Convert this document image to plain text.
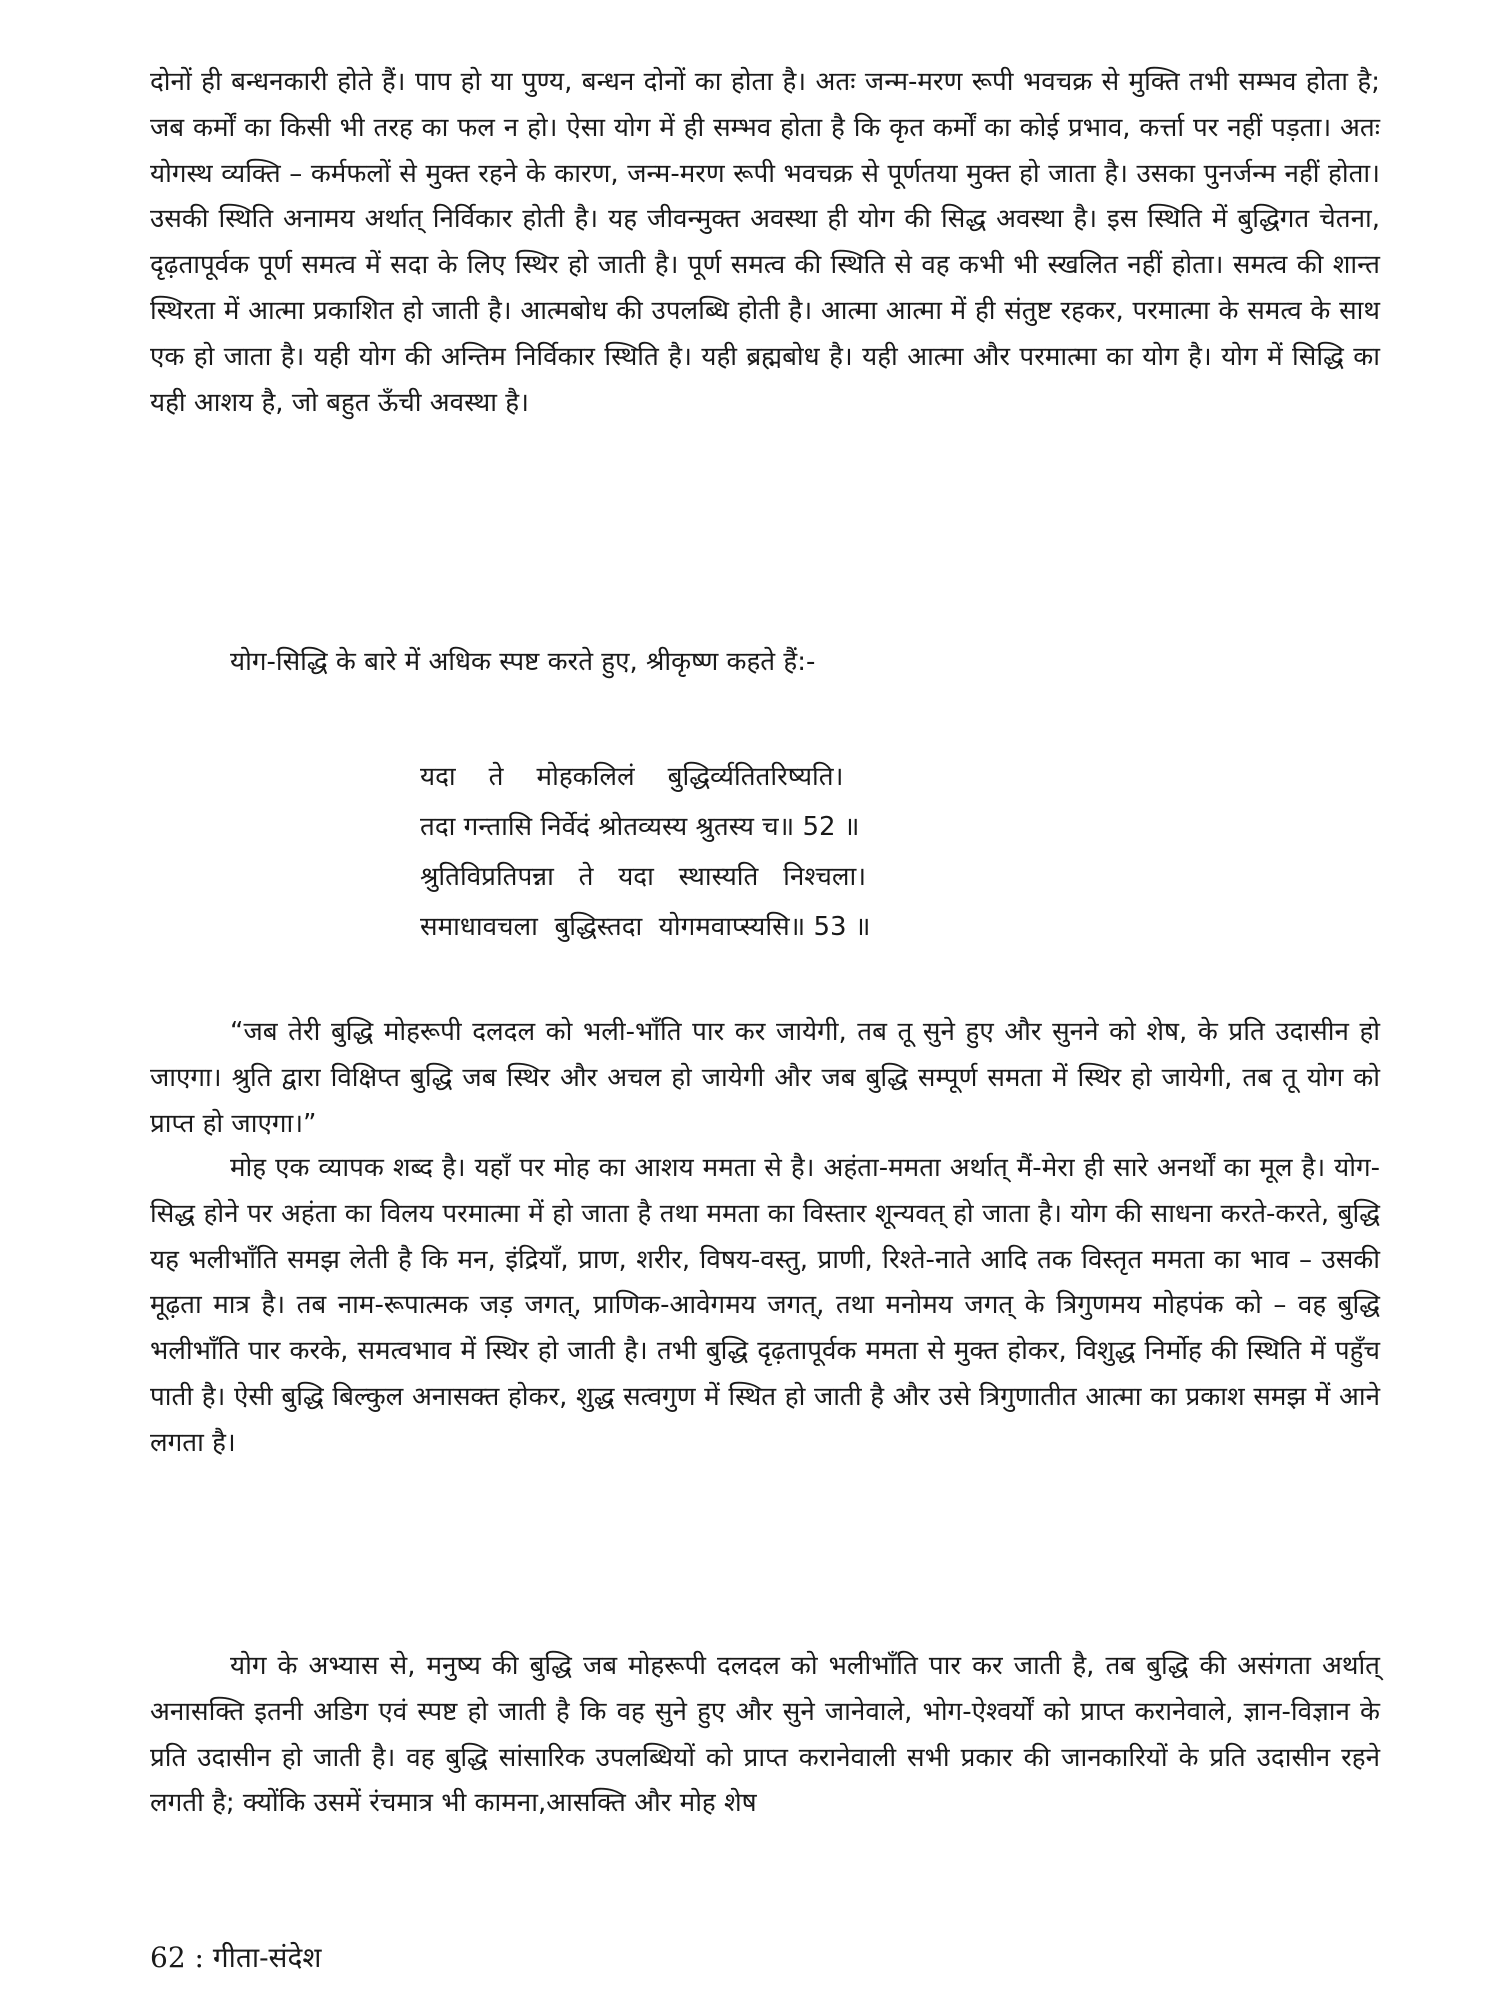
दोनों ही बन्धनकारी होते हैं। पाप हो या पुण्य, बन्धन दोनों का होता है। अतः जन्म-मरण रूपी भवचक्र से मुक्ति तभी सम्भव होता है; जब कर्मों का किसी भी तरह का फल न हो। ऐसा योग में ही सम्भव होता है कि कृत कर्मों का कोई प्रभाव, कर्त्ता पर नहीं पड़ता। अतः योगस्थ व्यक्ति – कर्मफलों से मुक्त रहने के कारण, जन्म-मरण रूपी भवचक्र से पूर्णतया मुक्त हो जाता है। उसका पुनर्जन्म नहीं होता। उसकी स्थिति अनामय अर्थात् निर्विकार होती है। यह जीवन्मुक्त अवस्था ही योग की सिद्ध अवस्था है। इस स्थिति में बुद्धिगत चेतना, दृढ़तापूर्वक पूर्ण समत्व में सदा के लिए स्थिर हो जाती है। पूर्ण समत्व की स्थिति से वह कभी भी स्खलित नहीं होता। समत्व की शान्त स्थिरता में आत्मा प्रकाशित हो जाती है। आत्मबोध की उपलब्धि होती है। आत्मा आत्मा में ही संतुष्ट रहकर, परमात्मा के समत्व के साथ एक हो जाता है। यही योग की अन्तिम निर्विकार स्थिति है। यही ब्रह्मबोध है। यही आत्मा और परमात्मा का योग है। योग में सिद्धि का यही आशय है, जो बहुत ऊँची अवस्था है।

योग-सिद्धि के बारे में अधिक स्पष्ट करते हुए, श्रीकृष्ण कहते हैं:-

यदा    ते    मोहकलिलं    बुद्धिर्व्यतितरिष्यति।
तदा गन्तासि निर्वेदं श्रोतव्यस्य श्रुतस्य च॥ 52 ॥
श्रुतिविप्रतिपन्ना   ते   यदा   स्थास्यति   निश्चला।
समाधावचला  बुद्धिस्तदा  योगमवाप्स्यसि॥ 53 ॥

“जब तेरी बुद्धि मोहरूपी दलदल को भली-भाँति पार कर जायेगी, तब तू सुने हुए और सुनने को शेष, के प्रति उदासीन हो जाएगा। श्रुति द्वारा विक्षिप्त बुद्धि जब स्थिर और अचल हो जायेगी और जब बुद्धि सम्पूर्ण समता में स्थिर हो जायेगी, तब तू योग को प्राप्त हो जाएगा।”

मोह एक व्यापक शब्द है। यहाँ पर मोह का आशय ममता से है। अहंता-ममता अर्थात् मैं-मेरा ही सारे अनर्थों का मूल है। योग-सिद्ध होने पर अहंता का विलय परमात्मा में हो जाता है तथा ममता का विस्तार शून्यवत् हो जाता है। योग की साधना करते-करते, बुद्धि यह भलीभाँति समझ लेती है कि मन, इंद्रियाँ, प्राण, शरीर, विषय-वस्तु, प्राणी, रिश्ते-नाते आदि तक विस्तृत ममता का भाव – उसकी मूढ़ता मात्र है। तब नाम-रूपात्मक जड़ जगत्, प्राणिक-आवेगमय जगत्, तथा मनोमय जगत् के त्रिगुणमय मोहपंक को – वह बुद्धि भलीभाँति पार करके, समत्वभाव में स्थिर हो जाती है। तभी बुद्धि दृढ़तापूर्वक ममता से मुक्त होकर, विशुद्ध निर्मोह की स्थिति में पहुँच पाती है। ऐसी बुद्धि बिल्कुल अनासक्त होकर, शुद्ध सत्वगुण में स्थित हो जाती है और उसे त्रिगुणातीत आत्मा का प्रकाश समझ में आने लगता है।

योग के अभ्यास से, मनुष्य की बुद्धि जब मोहरूपी दलदल को भलीभाँति पार कर जाती है, तब बुद्धि की असंगता अर्थात् अनासक्ति इतनी अडिग एवं स्पष्ट हो जाती है कि वह सुने हुए और सुने जानेवाले, भोग-ऐश्वर्यों को प्राप्त करानेवाले, ज्ञान-विज्ञान के प्रति उदासीन हो जाती है। वह बुद्धि सांसारिक उपलब्धियों को प्राप्त करानेवाली सभी प्रकार की जानकारियों के प्रति उदासीन रहने लगती है; क्योंकि उसमें रंचमात्र भी कामना,आसक्ति और मोह शेष

62 : गीता-संदेश
